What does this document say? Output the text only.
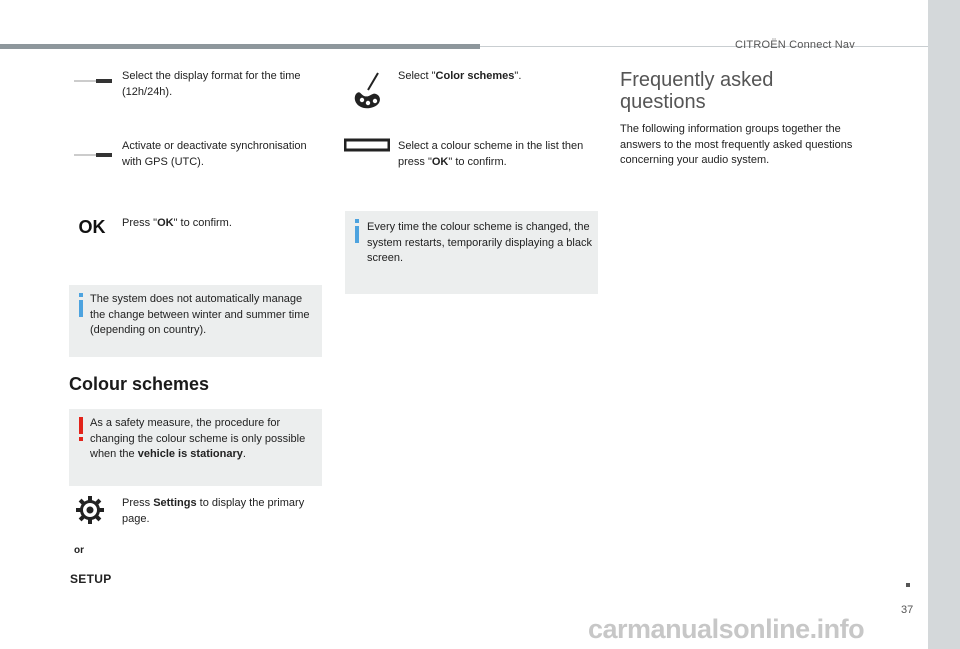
CITROËN Connect Nav
Select the display format for the time (12h/24h).
Activate or deactivate synchronisation with GPS (UTC).
OK Press "OK" to confirm.
The system does not automatically manage the change between winter and summer time (depending on country).
Colour schemes
As a safety measure, the procedure for changing the colour scheme is only possible when the vehicle is stationary.
Press Settings to display the primary page.
or
SETUP
Select "Color schemes".
Select a colour scheme in the list then press "OK" to confirm.
Every time the colour scheme is changed, the system restarts, temporarily displaying a black screen.
Frequently asked questions
The following information groups together the answers to the most frequently asked questions concerning your audio system.
37
carmanualsonline.info
